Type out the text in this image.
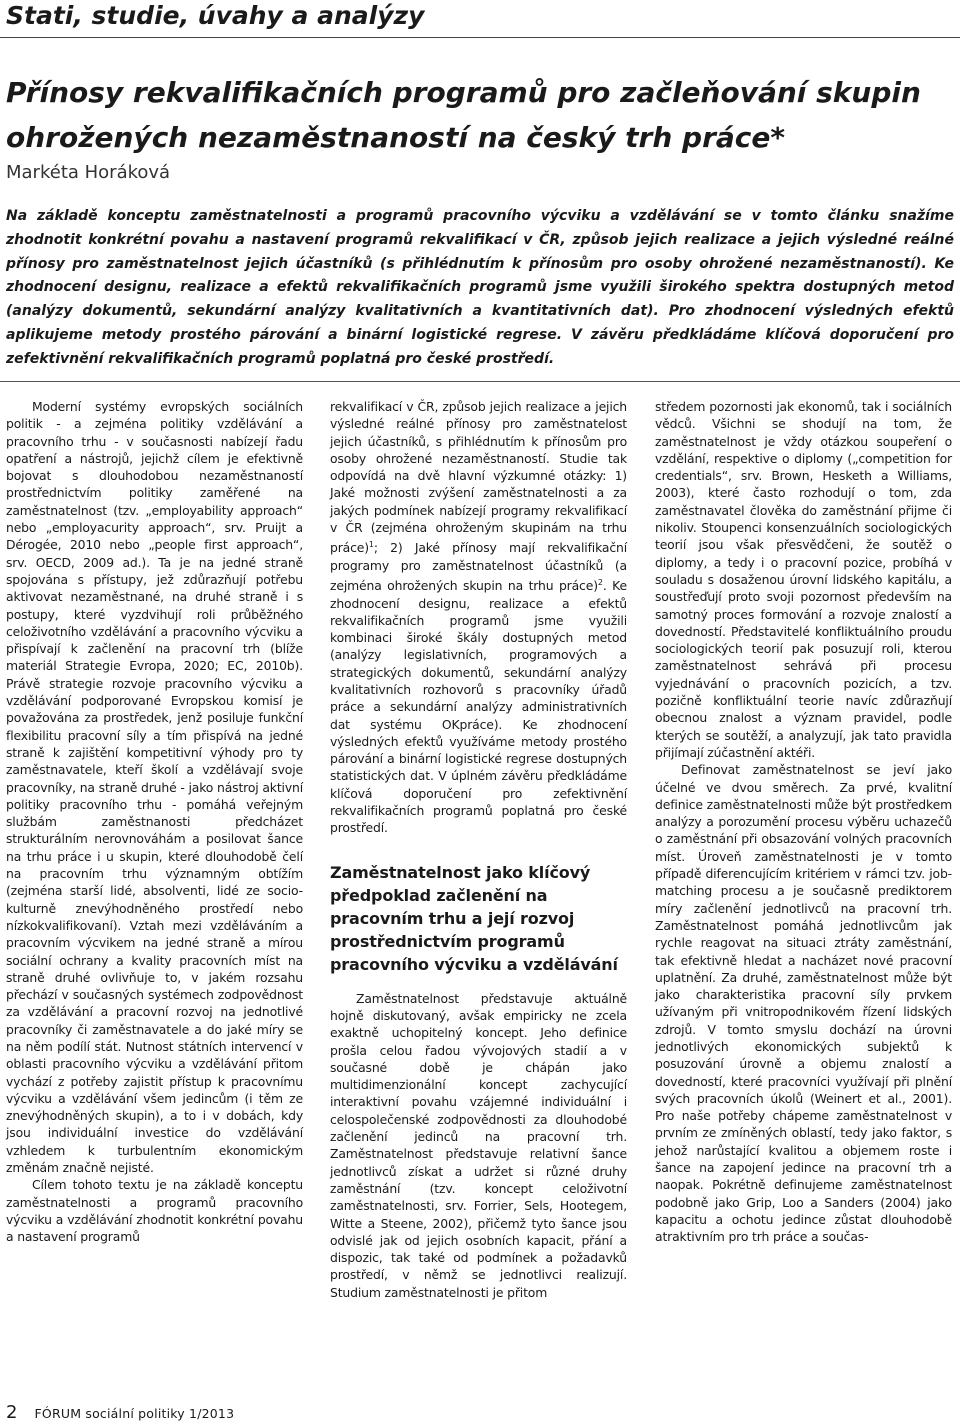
Stati, studie, úvahy a analýzy
Přínosy rekvalifikačních programů pro začleňování skupin ohrožených nezaměstnaností na český trh práce*
Markéta Horáková

Na základě konceptu zaměstnatelnosti a programů pracovního výcviku a vzdělávání se v tomto článku snažíme zhodnotit konkrétní povahu a nastavení programů rekvalifikací v ČR, způsob jejich realizace a jejich výsledné reálné přínosy pro zaměstnatelnost jejich účastníků (s přihlédnutím k přínosům pro osoby ohrožené nezaměstnaností). Ke zhodnocení designu, realizace a efektů rekvalifikačních programů jsme využili širokého spektra dostupných metod (analýzy dokumentů, sekundární analýzy kvalitativních a kvantitativních dat). Pro zhodnocení výsledných efektů aplikujeme metody prostého párování a binární logistické regrese. V závěru předkládáme klíčová doporučení pro zefektivnění rekvalifikačních programů poplatná pro české prostředí.

Moderní systémy evropských sociálních politik - a zejména politiky vzdělávání a pracovního trhu - v současnosti nabízejí řadu opatření a nástrojů, jejichž cílem je efektivně bojovat s dlouhodobou nezaměstnaností prostřednictvím politiky zaměřené na zaměstnatelnost (tzv. „employability approach“ nebo „employacurity approach“, srv. Pruijt a Dérogée, 2010 nebo „people first approach“, srv. OECD, 2009 ad.). Ta je na jedné straně spojována s přístupy, jež zdůrazňují potřebu aktivovat nezaměstnané, na druhé straně i s postupy, které vyzdvihují roli průběžného celoživotního vzdělávání a pracovního výcviku a přispívají k začlenění na pracovní trh (blíže materiál Strategie Evropa, 2020; EC, 2010b). Právě strategie rozvoje pracovního výcviku a vzdělávání podporované Evropskou komisí je považována za prostředek, jenž posiluje funkční flexibilitu pracovní síly a tím přispívá na jedné straně k zajištění kompetitivní výhody pro ty zaměstnavatele, kteří školí a vzdělávají svoje pracovníky, na straně druhé - jako nástroj aktivní politiky pracovního trhu - pomáhá veřejným službám zaměstnanosti předcházet strukturálním nerovnováhám a posilovat šance na trhu práce i u skupin, které dlouhodobě čelí na pracovním trhu významným obtížím (zejména starší lidé, absolventi, lidé ze socio-kulturně znevýhodněného prostředí nebo nízkokvalifikovaní). Vztah mezi vzděláváním a pracovním výcvikem na jedné straně a mírou sociální ochrany a kvality pracovních míst na straně druhé ovlivňuje to, v jakém rozsahu přechází v současných systémech zodpovědnost za vzdělávání a pracovní rozvoj na jednotlivé pracovníky či zaměstnavatele a do jaké míry se na něm podílí stát. Nutnost státních intervencí v oblasti pracovního výcviku a vzdělávání přitom vychází z potřeby zajistit přístup k pracovnímu výcviku a vzdělávání všem jedincům (i těm ze znevýhodněných skupin), a to i v dobách, kdy jsou individuální investice do vzdělávání vzhledem k turbulentním ekonomickým změnám značně nejisté.

Cílem tohoto textu je na základě konceptu zaměstnatelnosti a programů pracovního výcviku a vzdělávání zhodnotit konkrétní povahu a nastavení programů

rekvalifikací v ČR, způsob jejich realizace a jejich výsledné reálné přínosy pro zaměstnatelost jejich účastníků, s přihlédnutím k přínosům pro osoby ohrožené nezaměstnaností. Studie tak odpovídá na dvě hlavní výzkumné otázky: 1) Jaké možnosti zvýšení zaměstnatelnosti a za jakých podmínek nabízejí programy rekvalifikací v ČR (zejména ohroženým skupinám na trhu práce)$^1$; 2) Jaké přínosy mají rekvalifikační programy pro zaměstnatelnost účastníků (a zejména ohrožených skupin na trhu práce)$^2$. Ke zhodnocení designu, realizace a efektů rekvalifikačních programů jsme využili kombinaci široké škály dostupných metod (analýzy legislativních, programových a strategických dokumentů, sekundární analýzy kvalitativních rozhovorů s pracovníky úřadů práce a sekundární analýzy administrativních dat systému OKpráce). Ke zhodnocení výsledných efektů využíváme metody prostého párování a binární logistické regrese dostupných statistických dat. V úplném závěru předkládáme klíčová doporučení pro zefektivnění rekvalifikačních programů poplatná pro české prostředí.

Zaměstnatelnost jako klíčový předpoklad začlenění na pracovním trhu a její rozvoj prostřednictvím programů pracovního výcviku a vzdělávání

Zaměstnatelnost představuje aktuálně hojně diskutovaný, avšak empiricky ne zcela exaktně uchopitelný koncept. Jeho definice prošla celou řadou vývojových stadií a v současné době je chápán jako multidimenzionální koncept zachycující interaktivní povahu vzájemné individuální i celospolečenské zodpovědnosti za dlouhodobé začlenění jedinců na pracovní trh. Zaměstnatelnost představuje relativní šance jednotlivců získat a udržet si různé druhy zaměstnání (tzv. koncept celoživotní zaměstnatelnosti, srv. Forrier, Sels, Hootegem, Witte a Steene, 2002), přičemž tyto šance jsou odvislé jak od jejich osobních kapacit, přání a dispozic, tak také od podmínek a požadavků prostředí, v němž se jednotlivci realizují. Studium zaměstnatelnosti je přitom

středem pozornosti jak ekonomů, tak i sociálních vědců. Všichni se shodují na tom, že zaměstnatelnost je vždy otázkou soupeření o vzdělání, respektive o diplomy („competition for credentials“, srv. Brown, Hesketh a Williams, 2003), které často rozhodují o tom, zda zaměstnavatel člověka do zaměstnání přijme či nikoliv. Stoupenci konsenzuálních sociologických teorií jsou však přesvědčeni, že soutěž o diplomy, a tedy i o pracovní pozice, probíhá v souladu s dosaženou úrovní lidského kapitálu, a soustřeďují proto svoji pozornost především na samotný proces formování a rozvoje znalostí a dovedností. Představitelé konfliktuálního proudu sociologických teorií pak posuzují roli, kterou zaměstnatelnost sehrává při procesu vyjednávání o pracovních pozicích, a tzv. pozičně konfliktuální teorie navíc zdůrazňují obecnou znalost a význam pravidel, podle kterých se soutěží, a analyzují, jak tato pravidla přijímají zúčastnění aktéři.

Definovat zaměstnatelnost se jeví jako účelné ve dvou směrech. Za prvé, kvalitní definice zaměstnatelnosti může být prostředkem analýzy a porozumění procesu výběru uchazečů o zaměstnání při obsazování volných pracovních míst. Úroveň zaměstnatelnosti je v tomto případě diferencujícím kritériem v rámci tzv. job-matching procesu a je současně prediktorem míry začlenění jednotlivců na pracovní trh. Zaměstnatelnost pomáhá jednotlivcům jak rychle reagovat na situaci ztráty zaměstnání, tak efektivně hledat a nacházet nové pracovní uplatnění. Za druhé, zaměstnatelnost může být jako charakteristika pracovní síly prvkem užívaným při vnitropodnikovém řízení lidských zdrojů. V tomto smyslu dochází na úrovni jednotlivých ekonomických subjektů k posuzování úrovně a objemu znalostí a dovedností, které pracovníci využívají při plnění svých pracovních úkolů (Weinert et al., 2001). Pro naše potřeby chápeme zaměstnatelnost v prvním ze zmíněných oblastí, tedy jako faktor, s jehož narůstající kvalitou a objemem roste i šance na zapojení jedince na pracovní trh a naopak. Pokrétně definujeme zaměstnatelnost podobně jako Grip, Loo a Sanders (2004) jako kapacitu a ochotu jedince zůstat dlouhodobě atraktivním pro trh práce a součas-

2 FÓRUM sociální politiky 1/2013
